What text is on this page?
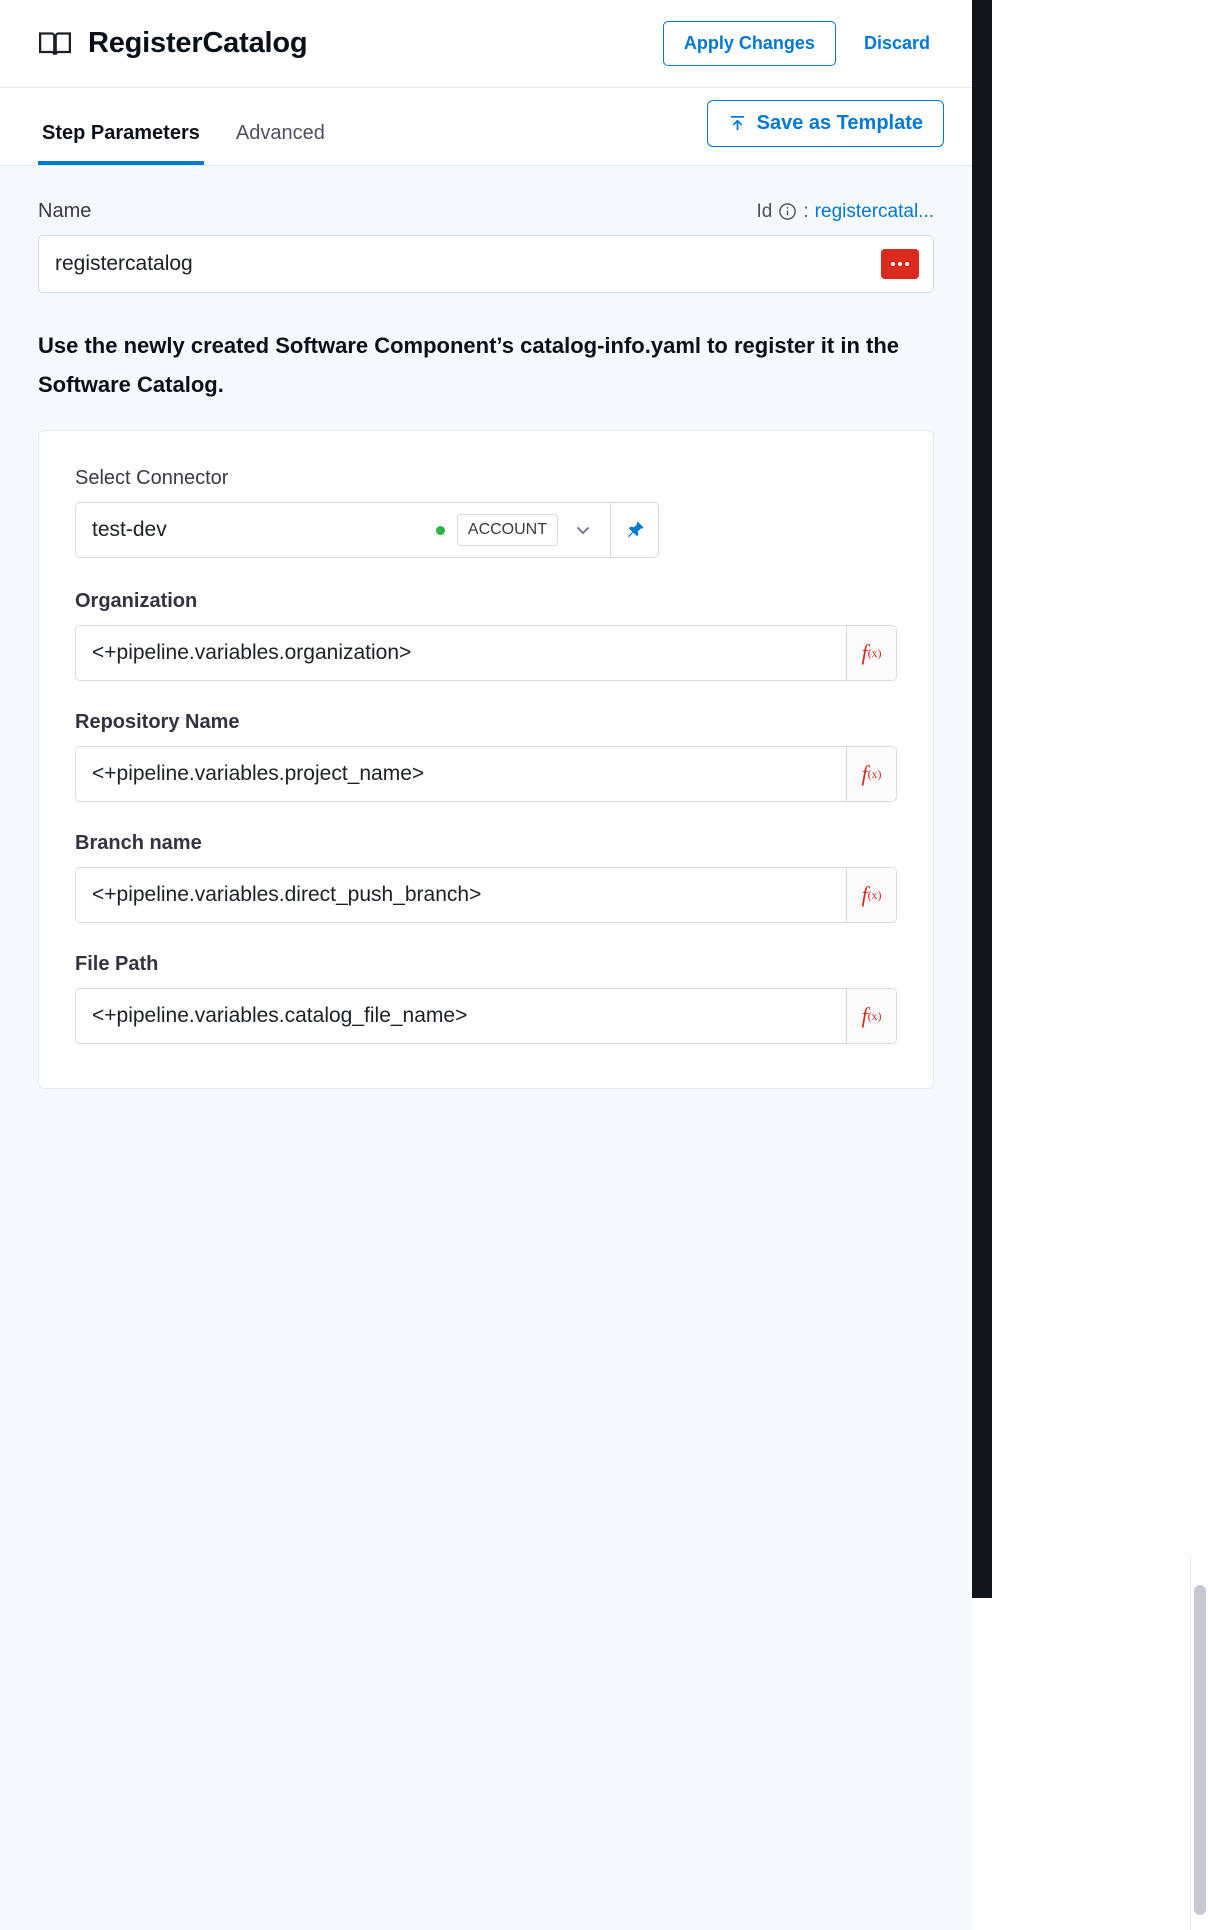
RegisterCatalog	Apply Changes	Discard
Step Parameters Advanced	Save as Template
Name	Id : registercatal...
registercatalog
Use the newly created Software Component’s catalog-info.yaml to register it in the Software Catalog.
Select Connector
test-dev	ACCOUNT
Organization
<+pipeline.variables.organization>	f (x)
Repository Name
<+pipeline.variables.project_name>	f (x)
Branch name
<+pipeline.variables.direct_push_branch>	f (x)
File Path
<+pipeline.variables.catalog_file_name>	f (x)
